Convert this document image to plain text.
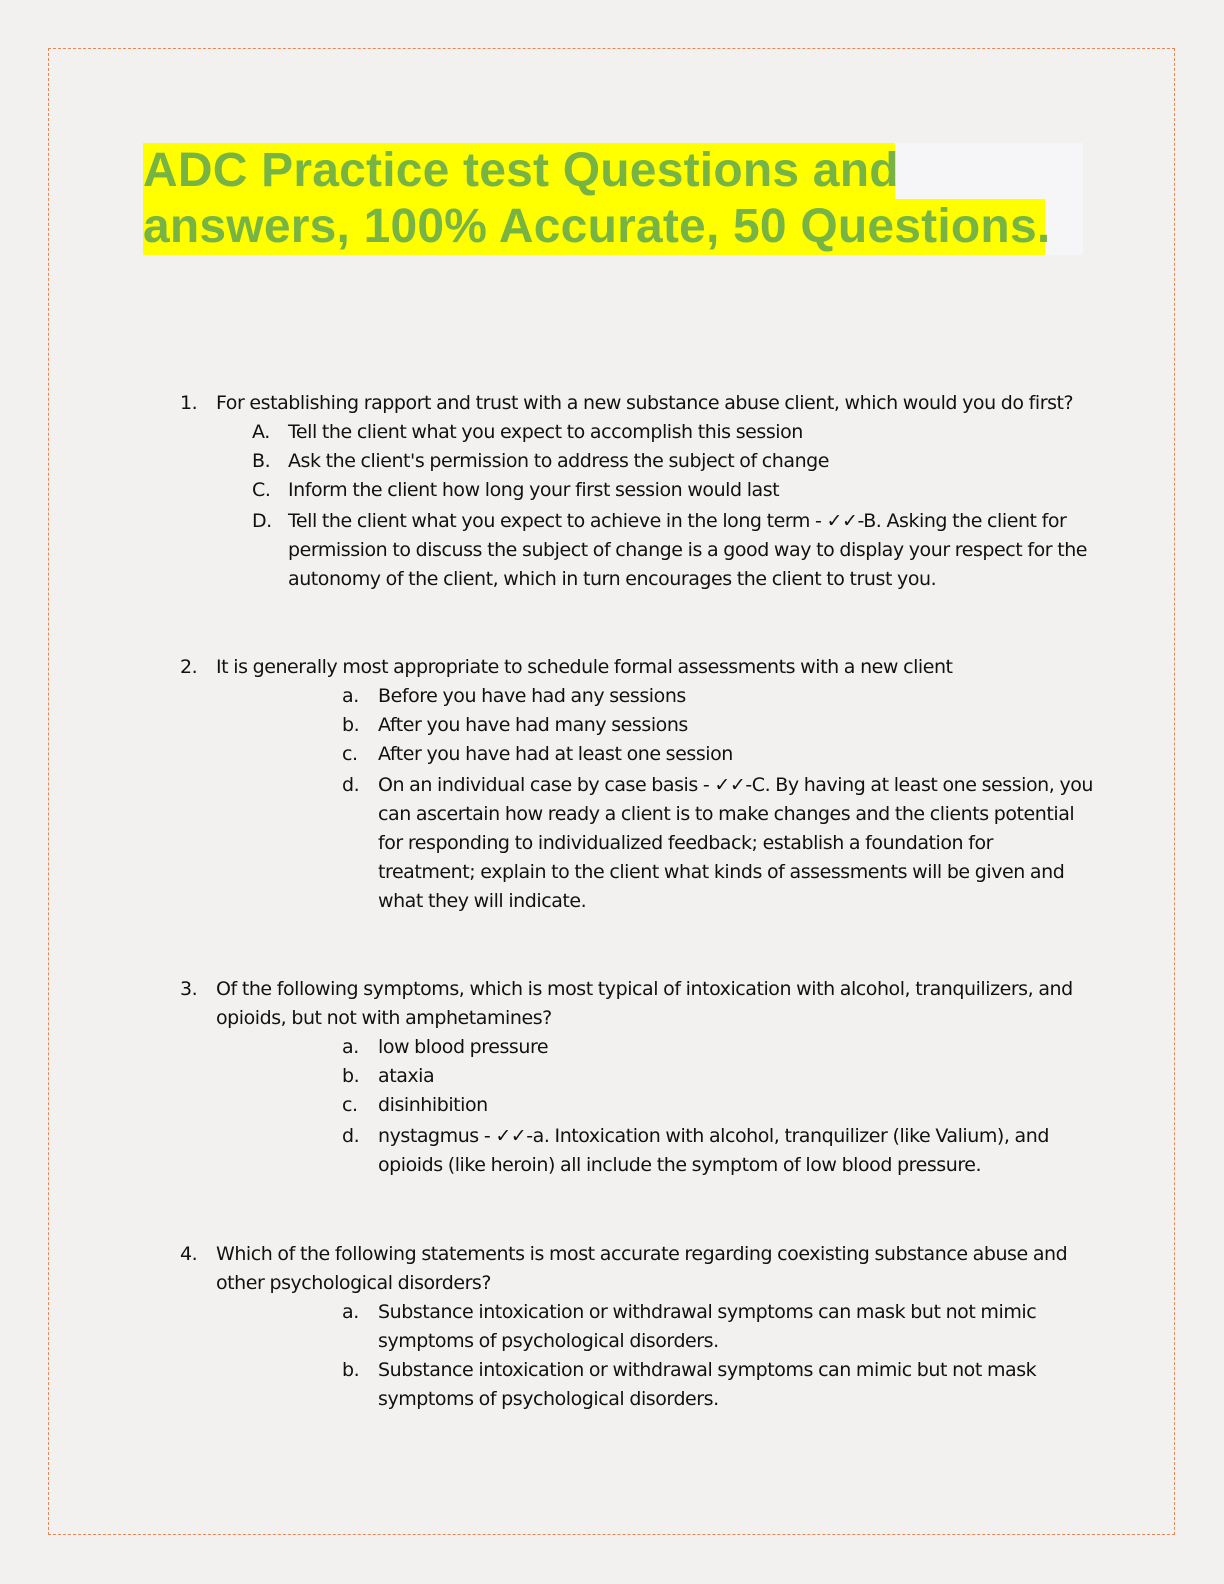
ADC Practice test Questions and
answers, 100% Accurate, 50 Questions.
1. For establishing rapport and trust with a new substance abuse client, which would you do first?
A. Tell the client what you expect to accomplish this session
B. Ask the client's permission to address the subject of change
C. Inform the client how long your first session would last
D. Tell the client what you expect to achieve in the long term - ✓✓-B. Asking the client for
permission to discuss the subject of change is a good way to display your respect for the
autonomy of the client, which in turn encourages the client to trust you.
2. It is generally most appropriate to schedule formal assessments with a new client
a. Before you have had any sessions
b. After you have had many sessions
c. After you have had at least one session
d. On an individual case by case basis - ✓✓-C. By having at least one session, you
can ascertain how ready a client is to make changes and the clients potential
for responding to individualized feedback; establish a foundation for
treatment; explain to the client what kinds of assessments will be given and
what they will indicate.
3. Of the following symptoms, which is most typical of intoxication with alcohol, tranquilizers, and
opioids, but not with amphetamines?
a. low blood pressure
b. ataxia
c. disinhibition
d. nystagmus - ✓✓-a. Intoxication with alcohol, tranquilizer (like Valium), and
opioids (like heroin) all include the symptom of low blood pressure.
4. Which of the following statements is most accurate regarding coexisting substance abuse and
other psychological disorders?
a. Substance intoxication or withdrawal symptoms can mask but not mimic
symptoms of psychological disorders.
b. Substance intoxication or withdrawal symptoms can mimic but not mask
symptoms of psychological disorders.
